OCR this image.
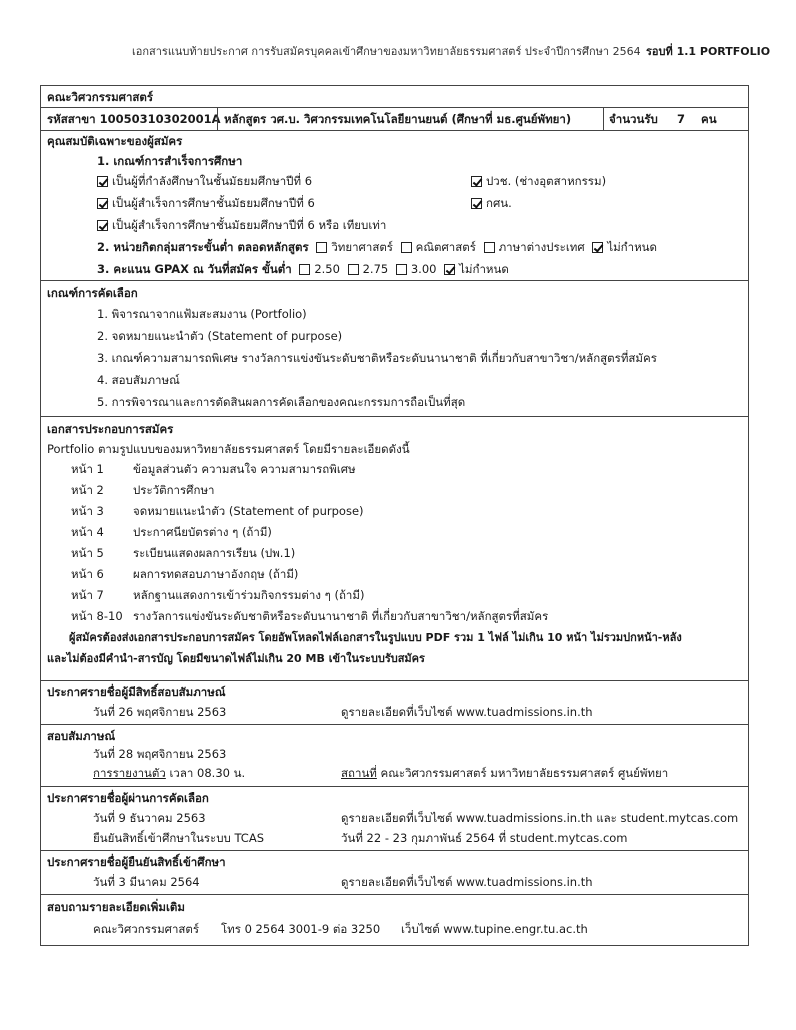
เอกสารแนบท้ายประกาศ การรับสมัครบุคคลเข้าศึกษาของมหาวิทยาลัยธรรมศาสตร์ ประจำปีการศึกษา 2564 รอบที่ 1.1 PORTFOLIO
คณะวิศวกรรมศาสตร์
รหัสสาขา 10050310302001A หลักสูตร วศ.บ. วิศวกรรมเทคโนโลยียานยนต์ (ศึกษาที่ มธ.ศูนย์พัทยา)	จำนวนรับ 7 คน
คุณสมบัติเฉพาะของผู้สมัคร
1. เกณฑ์การสำเร็จการศึกษา
เป็นผู้ที่กำลังศึกษาในชั้นมัธยมศึกษาปีที่ 6	ปวช. (ช่างอุตสาหกรรม)
เป็นผู้สำเร็จการศึกษาชั้นมัธยมศึกษาปีที่ 6	กศน.
เป็นผู้สำเร็จการศึกษาชั้นมัธยมศึกษาปีที่ 6 หรือ เทียบเท่า
2. หน่วยกิตกลุ่มสาระขั้นต่ำ ตลอดหลักสูตร วิทยาศาสตร์ คณิตศาสตร์ ภาษาต่างประเทศ ไม่กำหนด
3. คะแนน GPAX ณ วันที่สมัคร ขั้นต่ำ 2.50 2.75 3.00 ไม่กำหนด
เกณฑ์การคัดเลือก
1. พิจารณาจากแฟ้มสะสมงาน (Portfolio)
2. จดหมายแนะนำตัว (Statement of purpose)
3. เกณฑ์ความสามารถพิเศษ รางวัลการแข่งขันระดับชาติหรือระดับนานาชาติ ที่เกี่ยวกับสาขาวิชา/หลักสูตรที่สมัคร
4. สอบสัมภาษณ์
5. การพิจารณาและการตัดสินผลการคัดเลือกของคณะกรรมการถือเป็นที่สุด
เอกสารประกอบการสมัคร
Portfolio ตามรูปแบบของมหาวิทยาลัยธรรมศาสตร์ โดยมีรายละเอียดดังนี้
หน้า 1	ข้อมูลส่วนตัว ความสนใจ ความสามารถพิเศษ
หน้า 2	ประวัติการศึกษา
หน้า 3	จดหมายแนะนำตัว (Statement of purpose)
หน้า 4	ประกาศนียบัตรต่าง ๆ (ถ้ามี)
หน้า 5	ระเบียนแสดงผลการเรียน (ปพ.1)
หน้า 6	ผลการทดสอบภาษาอังกฤษ (ถ้ามี)
หน้า 7	หลักฐานแสดงการเข้าร่วมกิจกรรมต่าง ๆ (ถ้ามี)
หน้า 8-10 รางวัลการแข่งขันระดับชาติหรือระดับนานาชาติ ที่เกี่ยวกับสาขาวิชา/หลักสูตรที่สมัคร
ผู้สมัครต้องส่งเอกสารประกอบการสมัคร โดยอัพโหลดไฟล์เอกสารในรูปแบบ PDF รวม 1 ไฟล์ ไม่เกิน 10 หน้า ไม่รวมปกหน้า-หลัง
และไม่ต้องมีคำนำ-สารบัญ โดยมีขนาดไฟล์ไม่เกิน 20 MB เข้าในระบบรับสมัคร
ประกาศรายชื่อผู้มีสิทธิ์สอบสัมภาษณ์
วันที่ 26 พฤศจิกายน 2563	ดูรายละเอียดที่เว็บไซต์ www.tuadmissions.in.th
สอบสัมภาษณ์
วันที่ 28 พฤศจิกายน 2563
การรายงานตัว เวลา 08.30 น.	สถานที่ คณะวิศวกรรมศาสตร์ มหาวิทยาลัยธรรมศาสตร์ ศูนย์พัทยา
ประกาศรายชื่อผู้ผ่านการคัดเลือก
วันที่ 9 ธันวาคม 2563	ดูรายละเอียดที่เว็บไซต์ www.tuadmissions.in.th และ student.mytcas.com
ยืนยันสิทธิ์เข้าศึกษาในระบบ TCAS	วันที่ 22 - 23 กุมภาพันธ์ 2564 ที่ student.mytcas.com
ประกาศรายชื่อผู้ยืนยันสิทธิ์เข้าศึกษา
วันที่ 3 มีนาคม 2564	ดูรายละเอียดที่เว็บไซต์ www.tuadmissions.in.th
สอบถามรายละเอียดเพิ่มเติม
คณะวิศวกรรมศาสตร์ โทร 0 2564 3001-9 ต่อ 3250 เว็บไซต์ www.tupine.engr.tu.ac.th
